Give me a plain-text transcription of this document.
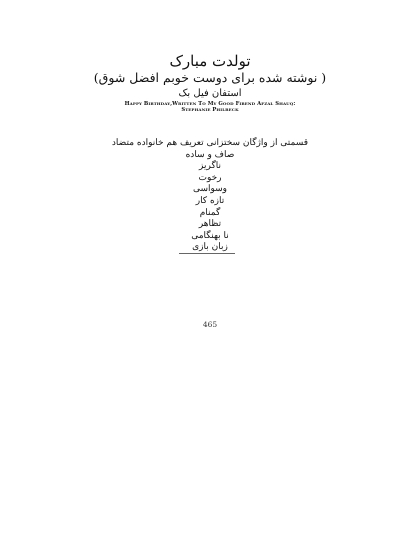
تولدت مبارک
( نوشته شده برای دوست خوبم افضل شوق)
استفان فیل بک
Happy Birthday,Written To My Good Firend Afzal Shauq:
Stephanie Philbeck
قسمتی از واژگان سختزانی تعریف هم خانواده متضاد
صاف و ساده
ناگریز
رخوت
وسواسی
تازه کار
گمنام
تظاهر
نا بهنگامی
زبان بازی
465
